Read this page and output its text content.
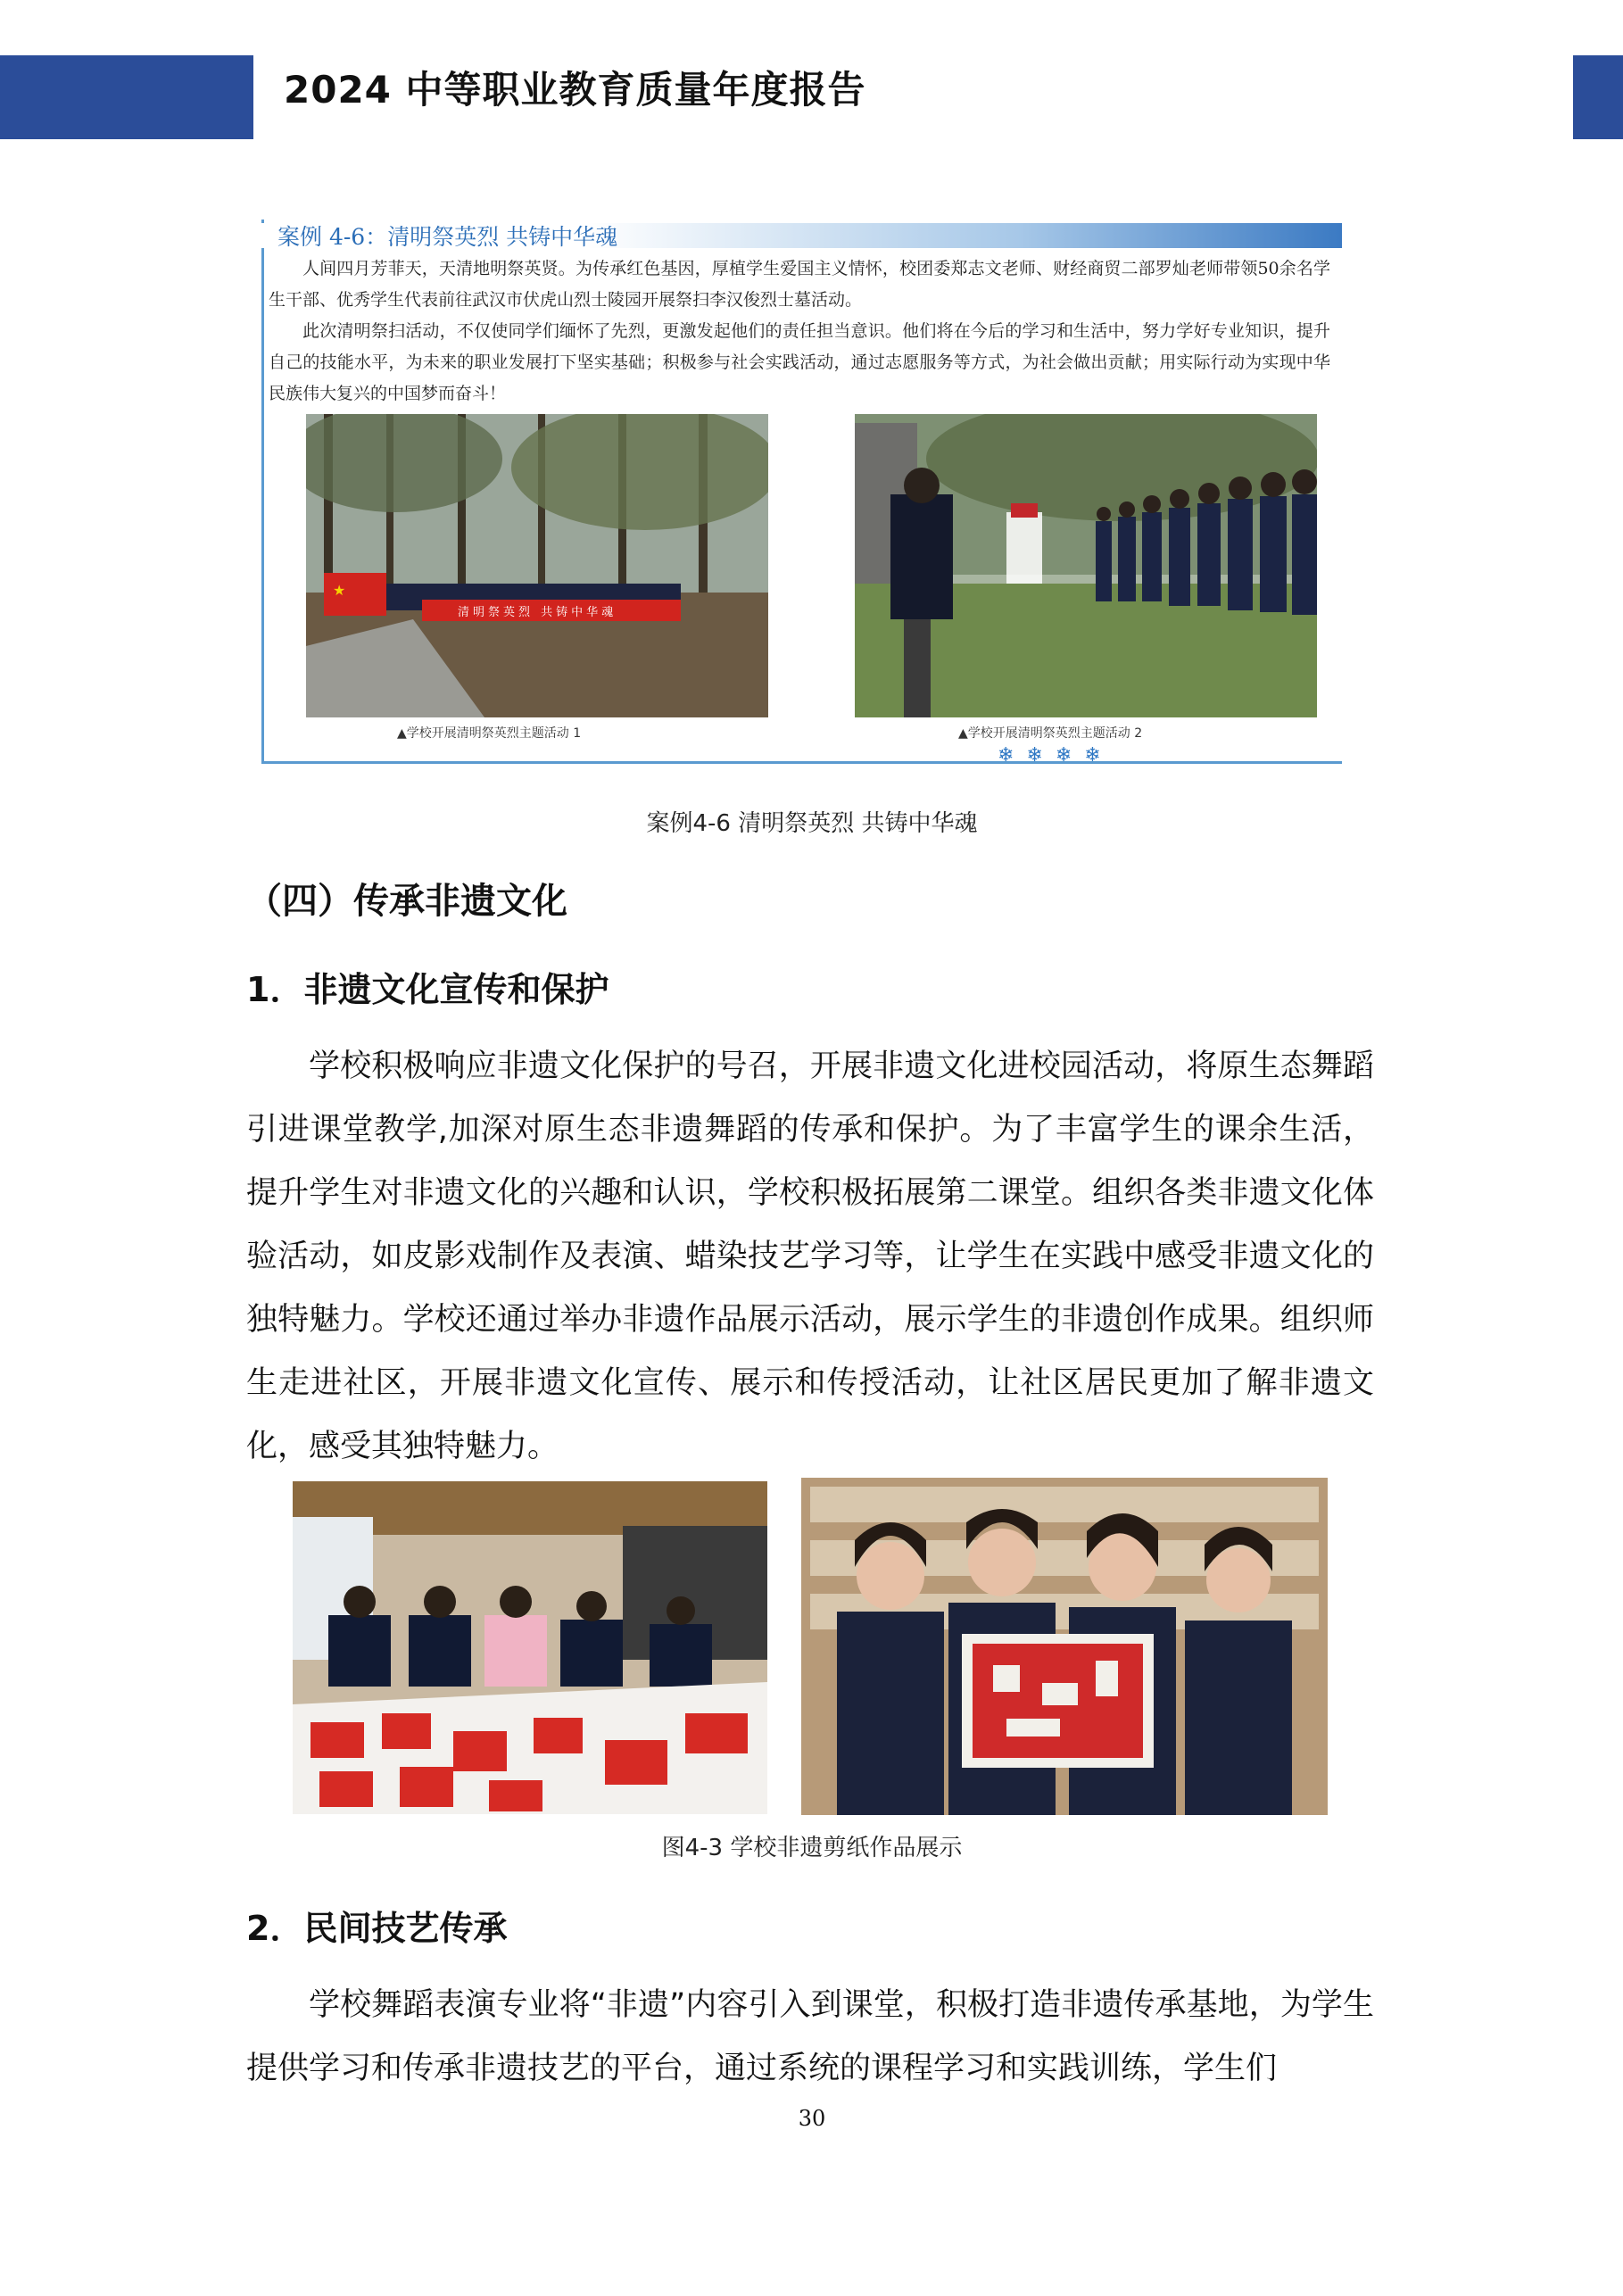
2024 中等职业教育质量年度报告
案例 4-6：清明祭英烈 共铸中华魂

人间四月芳菲天，天清地明祭英贤。为传承红色基因，厚植学生爱国主义情怀，校团委郑志文老师、财经商贸二部罗灿老师带领50余名学生干部、优秀学生代表前往武汉市伏虎山烈士陵园开展祭扫李汉俊烈士墓活动。

此次清明祭扫活动，不仅使同学们缅怀了先烈，更激发起他们的责任担当意识。他们将在今后的学习和生活中，努力学好专业知识，提升自己的技能水平，为未来的职业发展打下坚实基础；积极参与社会实践活动，通过志愿服务等方式，为社会做出贡献；用实际行动为实现中华民族伟大复兴的中国梦而奋斗！

★
清明祭英烈 共铸中华魂
▲学校开展清明祭英烈主题活动 1	▲学校开展清明祭英烈主题活动 2
❄❄❄❄
案例4-6 清明祭英烈 共铸中华魂
（四）传承非遗文化
1．非遗文化宣传和保护

学校积极响应非遗文化保护的号召，开展非遗文化进校园活动，将原生态舞蹈引进课堂教学,加深对原生态非遗舞蹈的传承和保护。为了丰富学生的课余生活，提升学生对非遗文化的兴趣和认识，学校积极拓展第二课堂。组织各类非遗文化体验活动，如皮影戏制作及表演、蜡染技艺学习等，让学生在实践中感受非遗文化的独特魅力。学校还通过举办非遗作品展示活动，展示学生的非遗创作成果。组织师生走进社区，开展非遗文化宣传、展示和传授活动，让社区居民更加了解非遗文化，感受其独特魅力。

图4-3 学校非遗剪纸作品展示
2．民间技艺传承

学校舞蹈表演专业将“非遗”内容引入到课堂，积极打造非遗传承基地，为学生提供学习和传承非遗技艺的平台，通过系统的课程学习和实践训练，学生们

30
